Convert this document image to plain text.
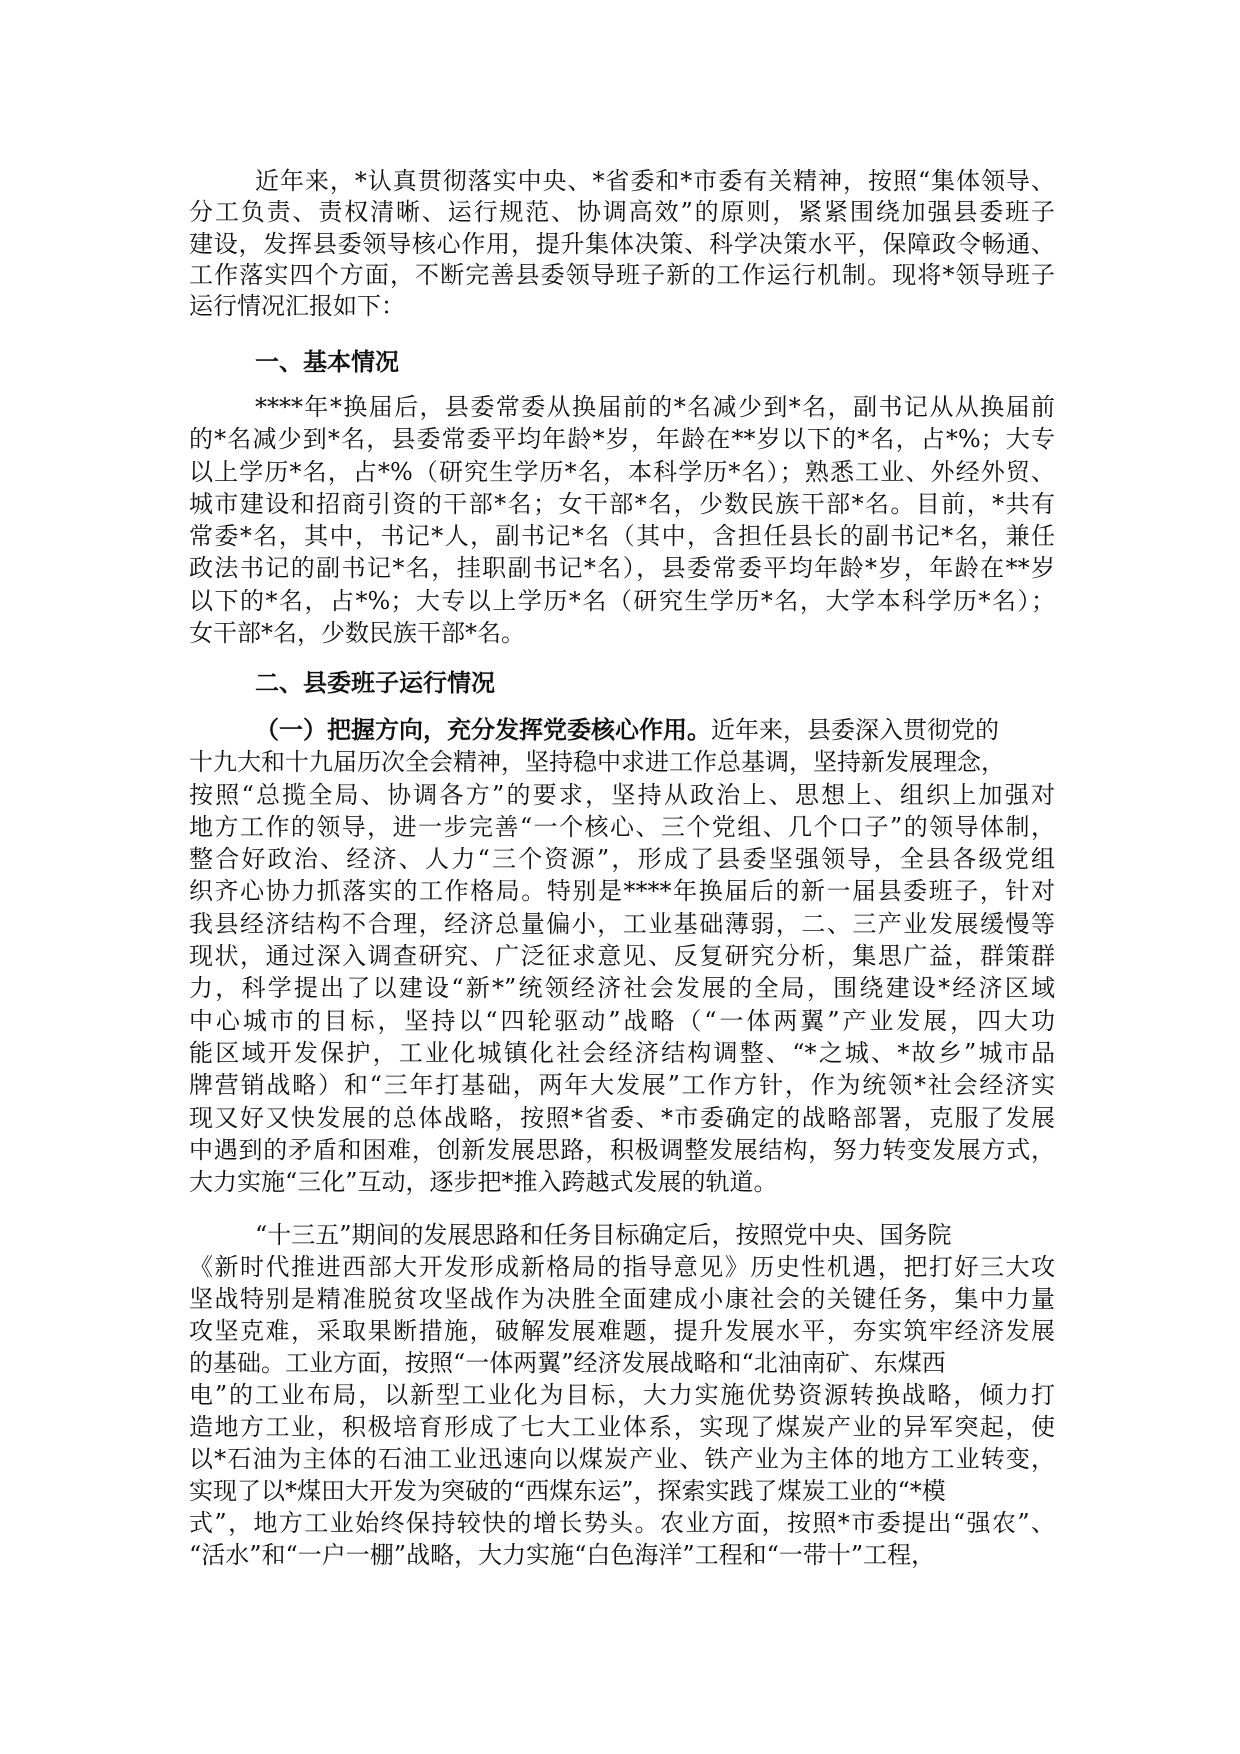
近年来，*认真贯彻落实中央、*省委和*市委有关精神，按照“集体领导、
分工负责、责权清晰、运行规范、协调高效”的原则，紧紧围绕加强县委班子
建设，发挥县委领导核心作用，提升集体决策、科学决策水平，保障政令畅通、
工作落实四个方面，不断完善县委领导班子新的工作运行机制。现将*领导班子
运行情况汇报如下：
一、基本情况
****年*换届后，县委常委从换届前的*名减少到*名，副书记从从换届前
的*名减少到*名，县委常委平均年龄*岁，年龄在**岁以下的*名，占*%；大专
以上学历*名，占*%（研究生学历*名，本科学历*名）；熟悉工业、外经外贸、
城市建设和招商引资的干部*名；女干部*名，少数民族干部*名。目前，*共有
常委*名，其中，书记*人，副书记*名（其中，含担任县长的副书记*名，兼任
政法书记的副书记*名，挂职副书记*名），县委常委平均年龄*岁，年龄在**岁
以下的*名，占*%；大专以上学历*名（研究生学历*名，大学本科学历*名）；
女干部*名，少数民族干部*名。
二、县委班子运行情况
（一）把握方向，充分发挥党委核心作用。近年来，县委深入贯彻党的
十九大和十九届历次全会精神，坚持稳中求进工作总基调，坚持新发展理念，
按照“总揽全局、协调各方”的要求，坚持从政治上、思想上、组织上加强对
地方工作的领导，进一步完善“一个核心、三个党组、几个口子”的领导体制，
整合好政治、经济、人力“三个资源”，形成了县委坚强领导，全县各级党组
织齐心协力抓落实的工作格局。特别是****年换届后的新一届县委班子，针对
我县经济结构不合理，经济总量偏小，工业基础薄弱，二、三产业发展缓慢等
现状，通过深入调查研究、广泛征求意见、反复研究分析，集思广益，群策群
力，科学提出了以建设“新*”统领经济社会发展的全局，围绕建设*经济区域
中心城市的目标，坚持以“四轮驱动”战略（“一体两翼”产业发展，四大功
能区域开发保护，工业化城镇化社会经济结构调整、“*之城、*故乡”城市品
牌营销战略）和“三年打基础，两年大发展”工作方针，作为统领*社会经济实
现又好又快发展的总体战略，按照*省委、*市委确定的战略部署，克服了发展
中遇到的矛盾和困难，创新发展思路，积极调整发展结构，努力转变发展方式，
大力实施“三化”互动，逐步把*推入跨越式发展的轨道。
“十三五”期间的发展思路和任务目标确定后，按照党中央、国务院
《新时代推进西部大开发形成新格局的指导意见》历史性机遇，把打好三大攻
坚战特别是精准脱贫攻坚战作为决胜全面建成小康社会的关键任务，集中力量
攻坚克难，采取果断措施，破解发展难题，提升发展水平，夯实筑牢经济发展
的基础。工业方面，按照“一体两翼”经济发展战略和“北油南矿、东煤西
电”的工业布局，以新型工业化为目标，大力实施优势资源转换战略，倾力打
造地方工业，积极培育形成了七大工业体系，实现了煤炭产业的异军突起，使
以*石油为主体的石油工业迅速向以煤炭产业、铁产业为主体的地方工业转变，
实现了以*煤田大开发为突破的“西煤东运”，探索实践了煤炭工业的“*模
式”，地方工业始终保持较快的增长势头。农业方面，按照*市委提出“强农”、
“活水”和“一户一棚”战略，大力实施“白色海洋”工程和“一带十”工程，
